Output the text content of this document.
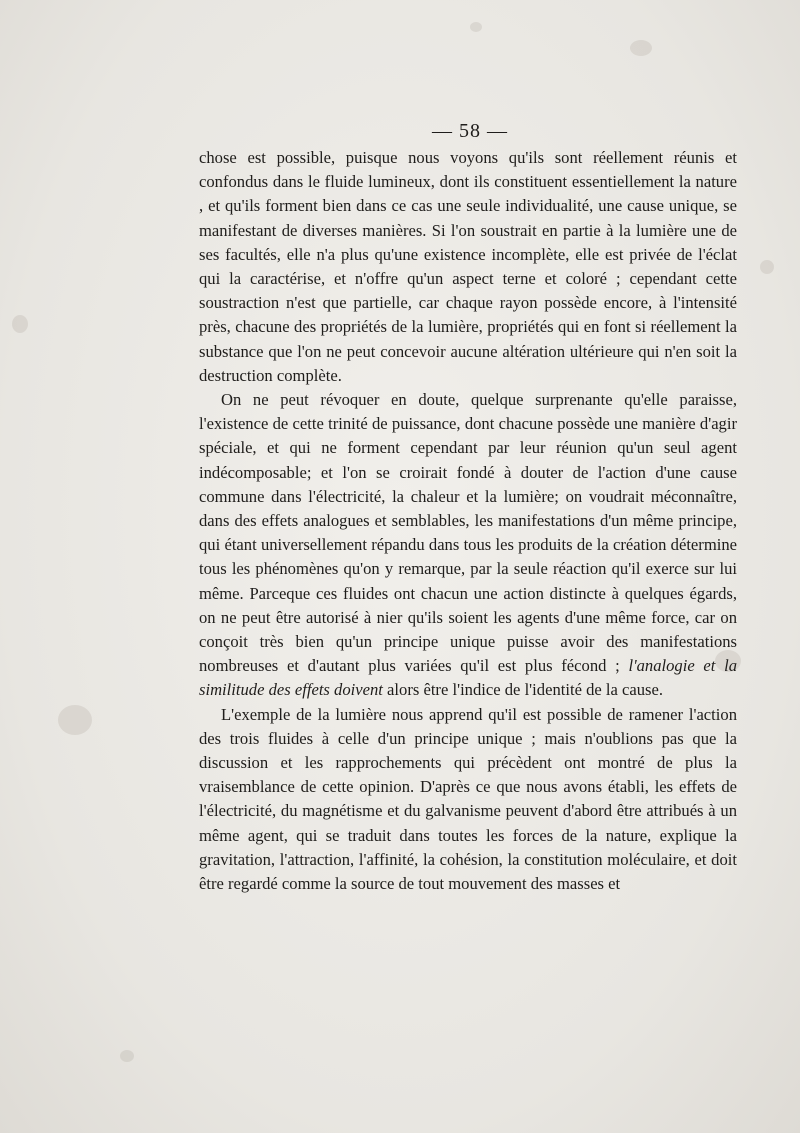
— 58 —

chose est possible, puisque nous voyons qu'ils sont réellement réunis et confondus dans le fluide lumineux, dont ils constituent essentiellement la nature , et qu'ils forment bien dans ce cas une seule individualité, une cause unique, se manifestant de diverses manières. Si l'on soustrait en partie à la lumière une de ses facultés, elle n'a plus qu'une existence incomplète, elle est privée de l'éclat qui la caractérise, et n'offre qu'un aspect terne et coloré ; cependant cette soustraction n'est que partielle, car chaque rayon possède encore, à l'intensité près, chacune des propriétés de la lumière, propriétés qui en font si réellement la substance que l'on ne peut concevoir aucune altération ultérieure qui n'en soit la destruction complète.

On ne peut révoquer en doute, quelque surprenante qu'elle paraisse, l'existence de cette trinité de puissance, dont chacune possède une manière d'agir spéciale, et qui ne forment cependant par leur réunion qu'un seul agent indécomposable; et l'on se croirait fondé à douter de l'action d'une cause commune dans l'électricité, la chaleur et la lumière; on voudrait méconnaître, dans des effets analogues et semblables, les manifestations d'un même principe, qui étant universellement répandu dans tous les produits de la création détermine tous les phénomènes qu'on y remarque, par la seule réaction qu'il exerce sur lui même. Parceque ces fluides ont chacun une action distincte à quelques égards, on ne peut être autorisé à nier qu'ils soient les agents d'une même force, car on conçoit très bien qu'un principe unique puisse avoir des manifestations nombreuses et d'autant plus variées qu'il est plus fécond ; l'analogie et la similitude des effets doivent alors être l'indice de l'identité de la cause.

L'exemple de la lumière nous apprend qu'il est possible de ramener l'action des trois fluides à celle d'un principe unique ; mais n'oublions pas que la discussion et les rapprochements qui précèdent ont montré de plus la vraisemblance de cette opinion. D'après ce que nous avons établi, les effets de l'électricité, du magnétisme et du galvanisme peuvent d'abord être attribués à un même agent, qui se traduit dans toutes les forces de la nature, explique la gravitation, l'attraction, l'affinité, la cohésion, la constitution moléculaire, et doit être regardé comme la source de tout mouvement des masses et
